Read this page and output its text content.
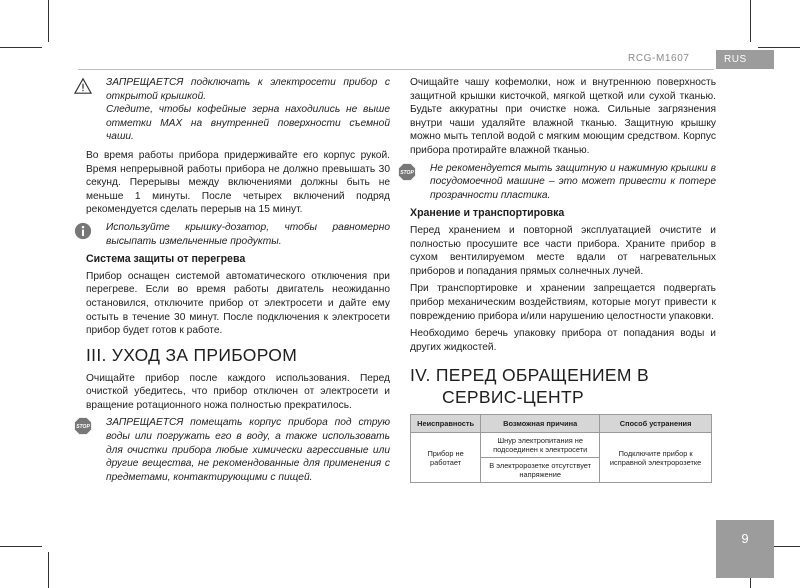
RCG-M1607	RUS

ЗАПРЕЩАЕТСЯ подключать к электросети прибор с открытой крышкой.

Следите, чтобы кофейные зерна находились не выше отметки MAX на внутренней поверхности съемной чаши.

Во время работы прибора придерживайте его корпус рукой. Время непрерывной работы прибора не должно превышать 30 секунд. Перерывы между включениями должны быть не меньше 1 минуты. После четырех включений подряд рекомендуется сделать перерыв на 15 минут.

Используйте крышку-дозатор, чтобы равномерно высыпать измельченные продукты.

Система защиты от перегрева

Прибор оснащен системой автоматического отключения при перегреве. Если во время работы двигатель неожиданно остановился, отключите прибор от электросети и дайте ему остыть в течение 30 минут. После подключения к электросети прибор будет готов к работе.

III. УХОД ЗА ПРИБОРОМ

Очищайте прибор после каждого использования. Перед очисткой убедитесь, что прибор отключен от электросети и вращение ротационного ножа полностью прекратилось.

STOP ЗАПРЕЩАЕТСЯ помещать корпус прибора под струю воды или погружать его в воду, а также использовать для очистки прибора любые химически агрессивные или другие вещества, не рекомендованные для применения с предметами, контактирующими с пищей.

Очищайте чашу кофемолки, нож и внутреннюю поверхность защитной крышки кисточкой, мягкой щеткой или сухой тканью. Будьте аккуратны при очистке ножа. Сильные загрязнения внутри чаши удаляйте влажной тканью. Защитную крышку можно мыть теплой водой с мягким моющим средством. Корпус прибора протирайте влажной тканью.

STOP Не рекомендуется мыть защитную и нажимную крышки в посудомоечной машине – это может привести к потере прозрачности пластика.

Хранение и транспортировка

Перед хранением и повторной эксплуатацией очистите и полностью просушите все части прибора. Храните прибор в сухом вентилируемом месте вдали от нагревательных приборов и попадания прямых солнечных лучей.

При транспортировке и хранении запрещается подвергать прибор механическим воздействиям, которые могут привести к повреждению прибора и/или нарушению целостности упаковки.

Необходимо беречь упаковку прибора от попадания воды и других жидкостей.

IV. ПЕРЕД ОБРАЩЕНИЕМ В СЕРВИС-ЦЕНТР
Неисправность	Возможная причина	Способ устранения
Прибор не работает	Шнур электропитания не подсоединен к электросети	Подключите прибор к исправной электророзетке
	В электророзетке отсутствует напряжение	
9
